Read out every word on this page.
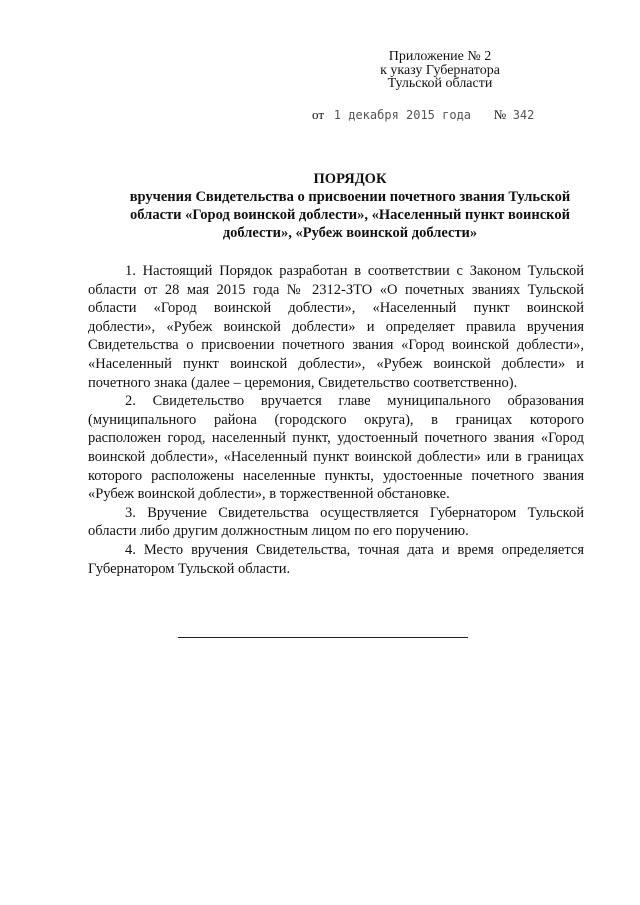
Приложение № 2
к указу Губернатора
Тульской области
от 1 декабря 2015 года № 342
ПОРЯДОК
вручения Свидетельства о присвоении почетного звания Тульской
области «Город воинской доблести», «Населенный пункт воинской
доблести», «Рубеж воинской доблести»
1. Настоящий Порядок разработан в соответствии с Законом Тульской
области от 28 мая 2015 года № 2312-ЗТО «О почетных званиях Тульской
области «Город воинской доблести», «Населенный пункт воинской
доблести», «Рубеж воинской доблести» и определяет правила вручения
Свидетельства о присвоении почетного звания «Город воинской доблести»,
«Населенный пункт воинской доблести», «Рубеж воинской доблести» и
почетного знака (далее – церемония, Свидетельство соответственно).
2. Свидетельство вручается главе муниципального образования
(муниципального района (городского округа), в границах которого
расположен город, населенный пункт, удостоенный почетного звания «Город
воинской доблести», «Населенный пункт воинской доблести» или в границах
которого расположены населенные пункты, удостоенные почетного звания
«Рубеж воинской доблести», в торжественной обстановке.
3. Вручение Свидетельства осуществляется Губернатором Тульской
области либо другим должностным лицом по его поручению.
4. Место вручения Свидетельства, точная дата и время определяется
Губернатором Тульской области.
